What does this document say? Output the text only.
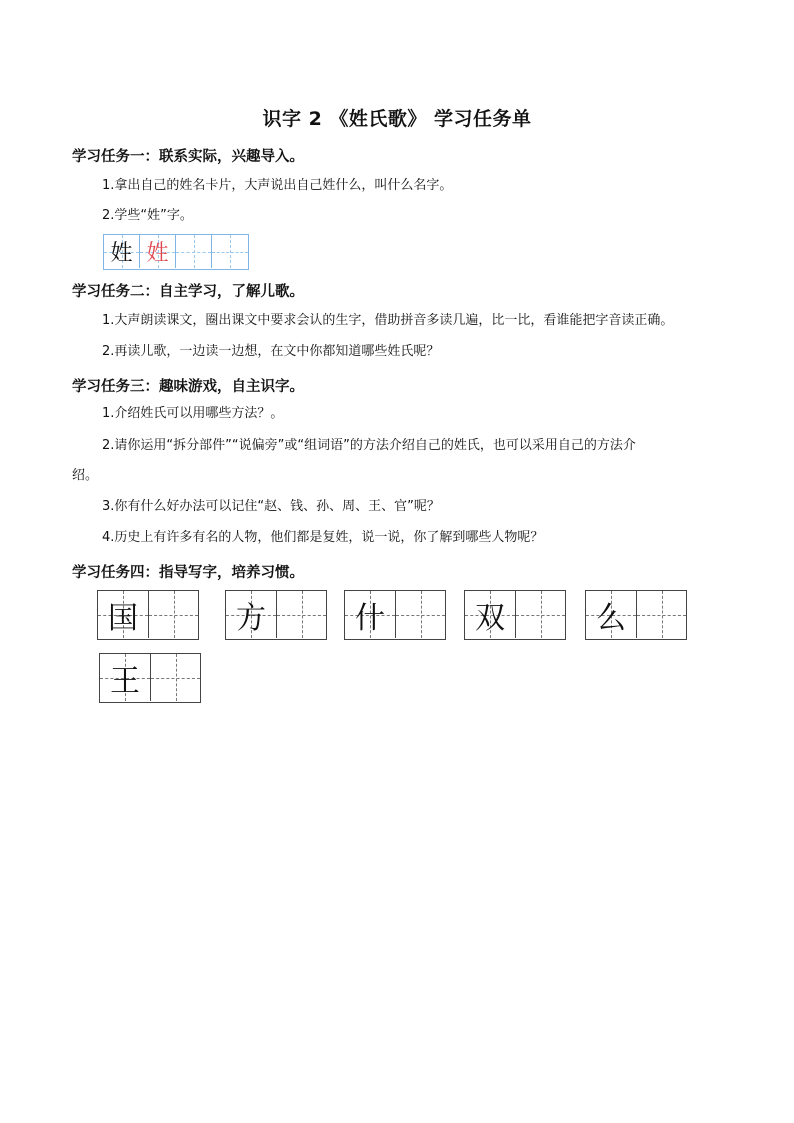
识字 2 《姓氏歌》 学习任务单
学习任务一：联系实际，兴趣导入。
1.拿出自己的姓名卡片，大声说出自己姓什么，叫什么名字。
2.学些“姓”字。
姓 姓
学习任务二：自主学习，了解儿歌。
1.大声朗读课文，圈出课文中要求会认的生字，借助拼音多读几遍，比一比，看谁能把字音读正确。
2.再读儿歌，一边读一边想，在文中你都知道哪些姓氏呢？
学习任务三：趣味游戏，自主识字。
1.介绍姓氏可以用哪些方法？。
2.请你运用“拆分部件”“说偏旁”或“组词语”的方法介绍自己的姓氏，也可以采用自己的方法介
绍。
3.你有什么好办法可以记住“赵、钱、孙、周、王、官”呢？
4.历史上有许多有名的人物，他们都是复姓，说一说，你了解到哪些人物呢？
学习任务四：指导写字，培养习惯。
国	方	什	双	么
王
